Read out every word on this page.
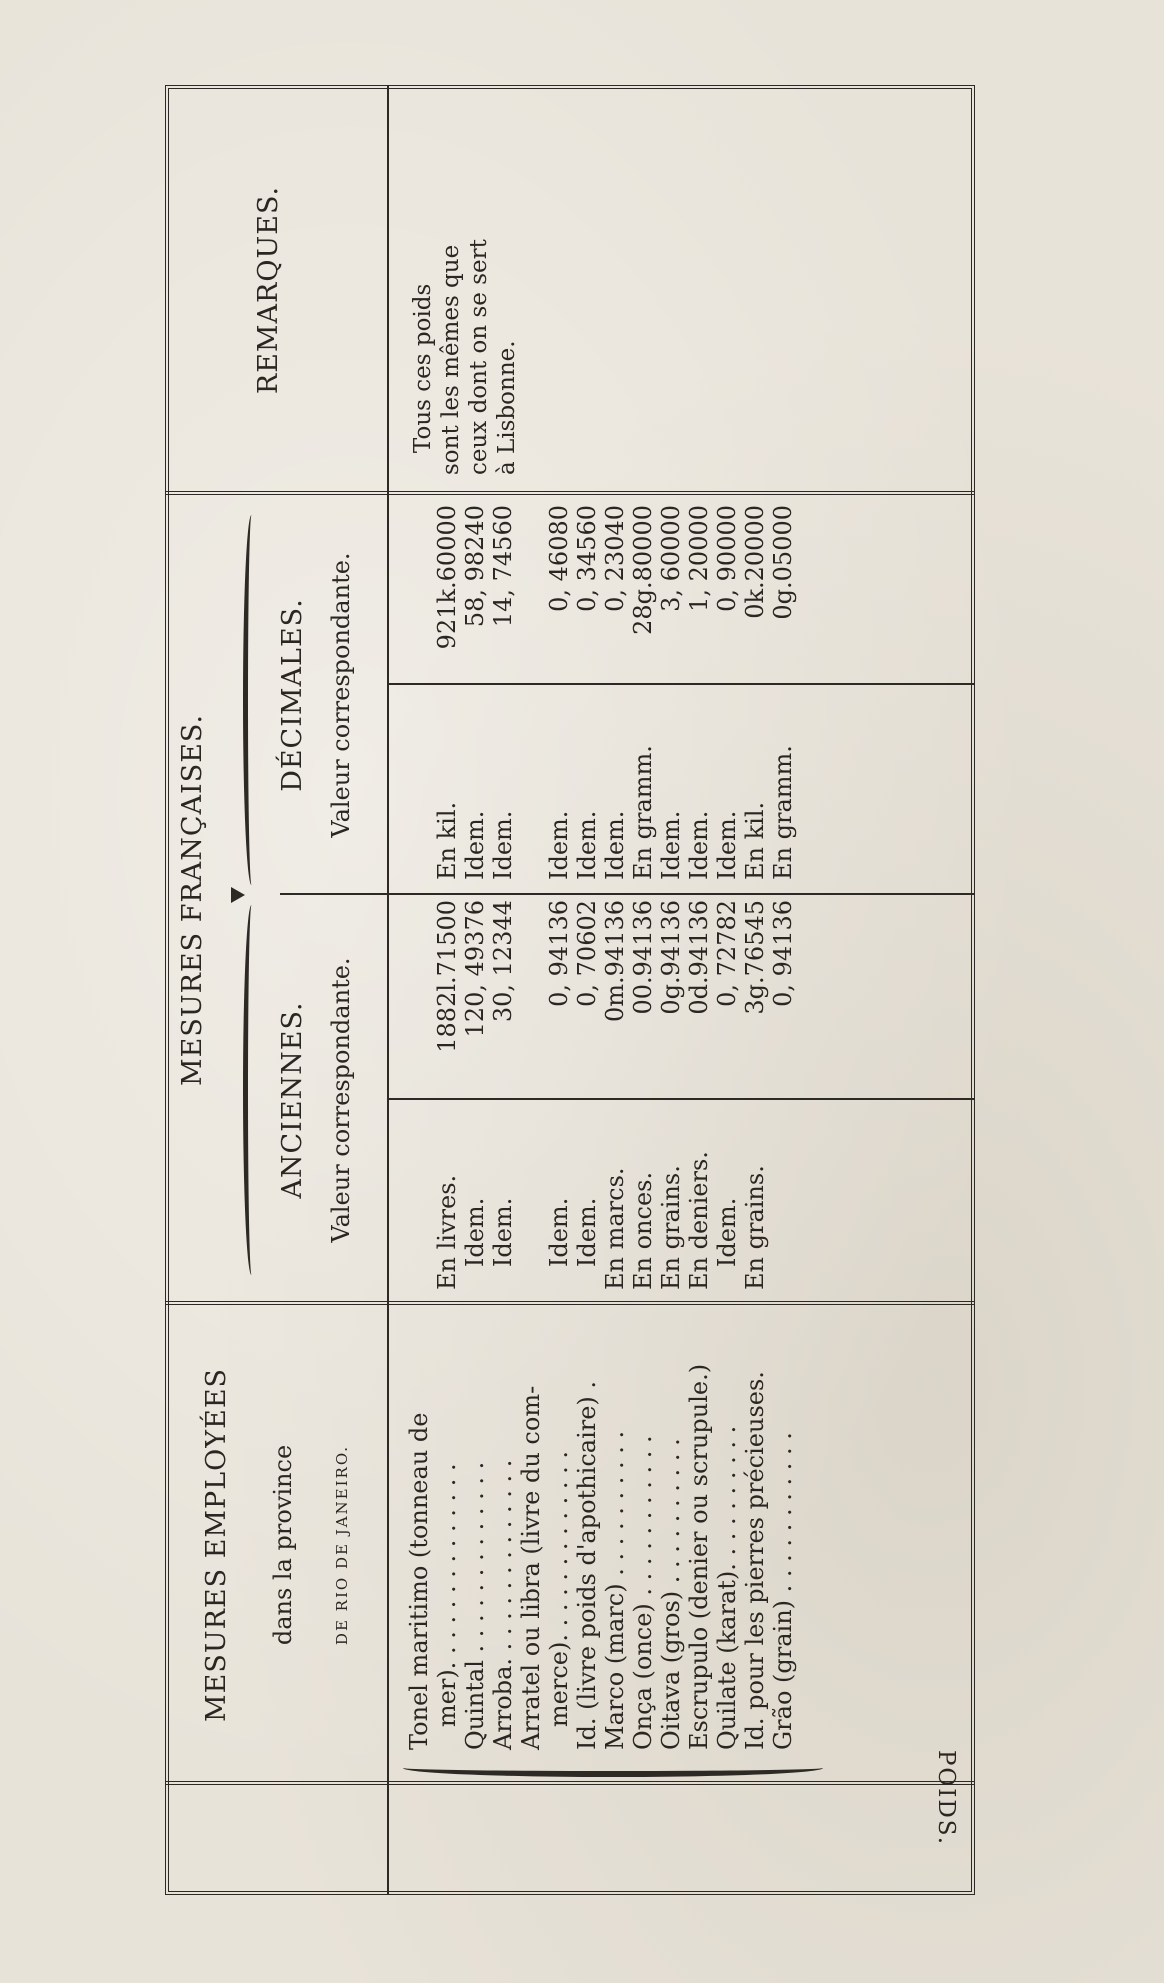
POIDS.
MESURES EMPLOYÉES dans la province DE RIO DE JANEIRO.
MESURES FRANÇAISES.
ANCIENNES. Valeur correspondante.
DÉCIMALES. Valeur correspondante.
REMARQUES.
Tonel maritimo (tonneau de
mer). . . . . . . . . . . . . .
Quintal . . . . . . . . . . . . .
Arroba. . . . . . . . . . . . . .
Arratel ou libra (livre du com-
merce). . . . . . . . . . . . .
Id. (livre poids d'apothicaire) .
Marco (marc) . . . . . . . . . .
Onça (once) . . . . . . . . . . .
Oitava (gros) . . . . . . . . . .
Escrupulo (denier ou scrupule.)
Quilate (karat). . . . . . . . . .
Id. pour les pierres précieuses.
Grão (grain) . . . . . . . . . . .

En livres.
Idem.
Idem.

Idem.
Idem.
En marcs.
En onces.
En grains.
En deniers.
Idem.
En grains.

1882l.71500
120, 49376
30, 12344

0, 94136
0, 70602
0m.94136
00.94136
0g.94136
0d.94136
0, 72782
3g.76545
0, 94136

En kil.
Idem.
Idem.

Idem.
Idem.
Idem.
En gramm.
Idem.
Idem.
Idem.
En kil.
En gramm.

921k.60000
58, 98240
14, 74560

0, 46080
0, 34560
0, 23040
28g.80000
3, 60000
1, 20000
0, 90000
0k.20000
0g.05000
Tous ces poids
sont les mêmes que
ceux dont on se sert
à Lisbonne.
